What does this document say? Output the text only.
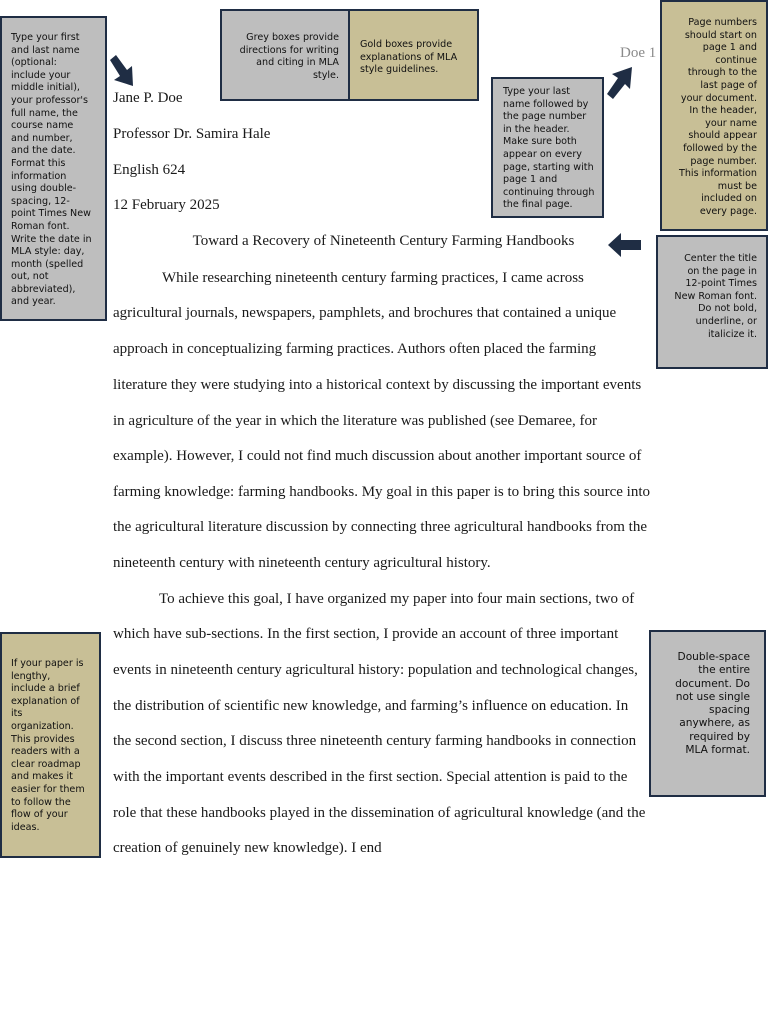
Type your first
and last name
(optional:
include your
middle initial),
your professor's
full name, the
course name
and number,
and the date.
Format this
information
using double-
spacing, 12-
point Times New
Roman font.
Write the date in
MLA style: day,
month (spelled
out, not
abbreviated),
and year.
Grey boxes provide
directions for writing
and citing in MLA
style.
Gold boxes provide
explanations of MLA
style guidelines.
Type your last
name followed by
the page number
in the header.
Make sure both
appear on every
page, starting with
page 1 and
continuing through
the final page.
Page numbers
should start on
page 1 and
continue
through to the
last page of
your document.
In the header,
your name
should appear
followed by the
page number.
This information
must be
included on
every page.
Center the title
on the page in
12-point Times
New Roman font.
Do not bold,
underline, or
italicize it.
If your paper is
lengthy,
include a brief
explanation of
its
organization.
This provides
readers with a
clear roadmap
and makes it
easier for them
to follow the
flow of your
ideas.
Double-space
the entire
document. Do
not use single
spacing
anywhere, as
required by
MLA format.
Doe 1
Jane P. Doe
Professor Dr. Samira Hale
English 624
12 February 2025
Toward a Recovery of Nineteenth Century Farming Handbooks
While researching nineteenth century farming practices, I came across
agricultural journals, newspapers, pamphlets, and brochures that contained a unique
approach in conceptualizing farming practices. Authors often placed the farming
literature they were studying into a historical context by discussing the important events
in agriculture of the year in which the literature was published (see Demaree, for
example). However, I could not find much discussion about another important source of
farming knowledge: farming handbooks. My goal in this paper is to bring this source into
the agricultural literature discussion by connecting three agricultural handbooks from the
nineteenth century with nineteenth century agricultural history.
To achieve this goal, I have organized my paper into four main sections, two of
which have sub-sections. In the first section, I provide an account of three important
events in nineteenth century agricultural history: population and technological changes,
the distribution of scientific new knowledge, and farming’s influence on education. In
the second section, I discuss three nineteenth century farming handbooks in connection
with the important events described in the first section. Special attention is paid to the
role that these handbooks played in the dissemination of agricultural knowledge (and the
creation of genuinely new knowledge). I end
